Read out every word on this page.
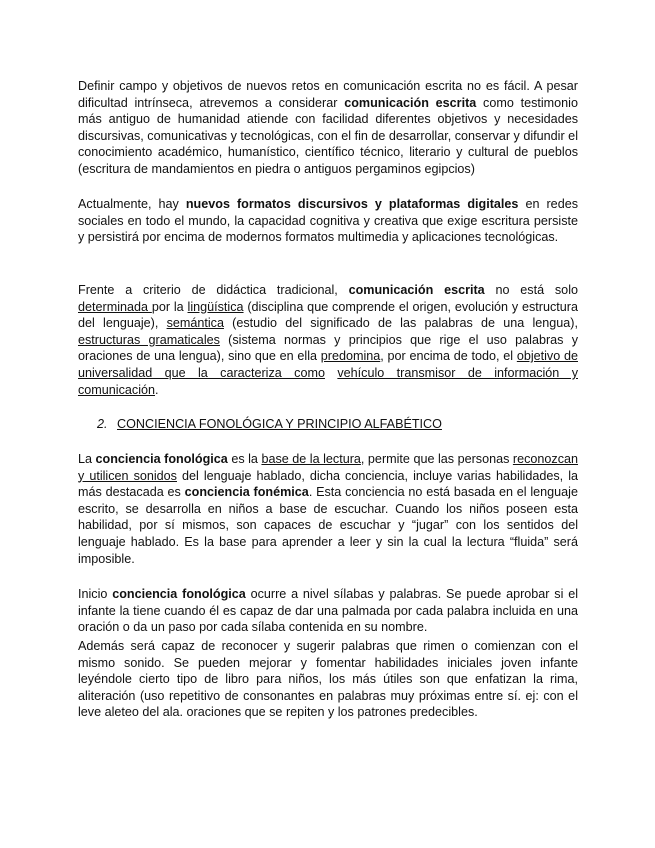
Definir campo y objetivos de nuevos retos en comunicación escrita no es fácil. A pesar dificultad intrínseca, atrevemos a considerar comunicación escrita como testimonio más antiguo de humanidad atiende con facilidad diferentes objetivos y necesidades discursivas, comunicativas y tecnológicas, con el fin de desarrollar, conservar y difundir el conocimiento académico, humanístico, científico técnico, literario y cultural de pueblos (escritura de mandamientos en piedra o antiguos pergaminos egipcios)

Actualmente, hay nuevos formatos discursivos y plataformas digitales en redes sociales en todo el mundo, la capacidad cognitiva y creativa que exige escritura persiste y persistirá por encima de modernos formatos multimedia y aplicaciones tecnológicas.

Frente a criterio de didáctica tradicional, comunicación escrita no está solo determinada por la lingüística (disciplina que comprende el origen, evolución y estructura del lenguaje), semántica (estudio del significado de las palabras de una lengua), estructuras gramaticales (sistema normas y principios que rige el uso palabras y oraciones de una lengua), sino que en ella predomina, por encima de todo, el objetivo de universalidad que la caracteriza como vehículo transmisor de información y comunicación.

2. CONCIENCIA FONOLÓGICA Y PRINCIPIO ALFABÉTICO

La conciencia fonológica es la base de la lectura, permite que las personas reconozcan y utilicen sonidos del lenguaje hablado, dicha conciencia, incluye varias habilidades, la más destacada es conciencia fonémica. Esta conciencia no está basada en el lenguaje escrito, se desarrolla en niños a base de escuchar. Cuando los niños poseen esta habilidad, por sí mismos, son capaces de escuchar y “jugar” con los sentidos del lenguaje hablado. Es la base para aprender a leer y sin la cual la lectura “fluida” será imposible.

Inicio conciencia fonológica ocurre a nivel sílabas y palabras. Se puede aprobar si el infante la tiene cuando él es capaz de dar una palmada por cada palabra incluida en una oración o da un paso por cada sílaba contenida en su nombre.

Además será capaz de reconocer y sugerir palabras que rimen o comienzan con el mismo sonido. Se pueden mejorar y fomentar habilidades iniciales joven infante leyéndole cierto tipo de libro para niños, los más útiles son que enfatizan la rima, aliteración (uso repetitivo de consonantes en palabras muy próximas entre sí. ej: con el leve aleteo del ala. oraciones que se repiten y los patrones predecibles.
